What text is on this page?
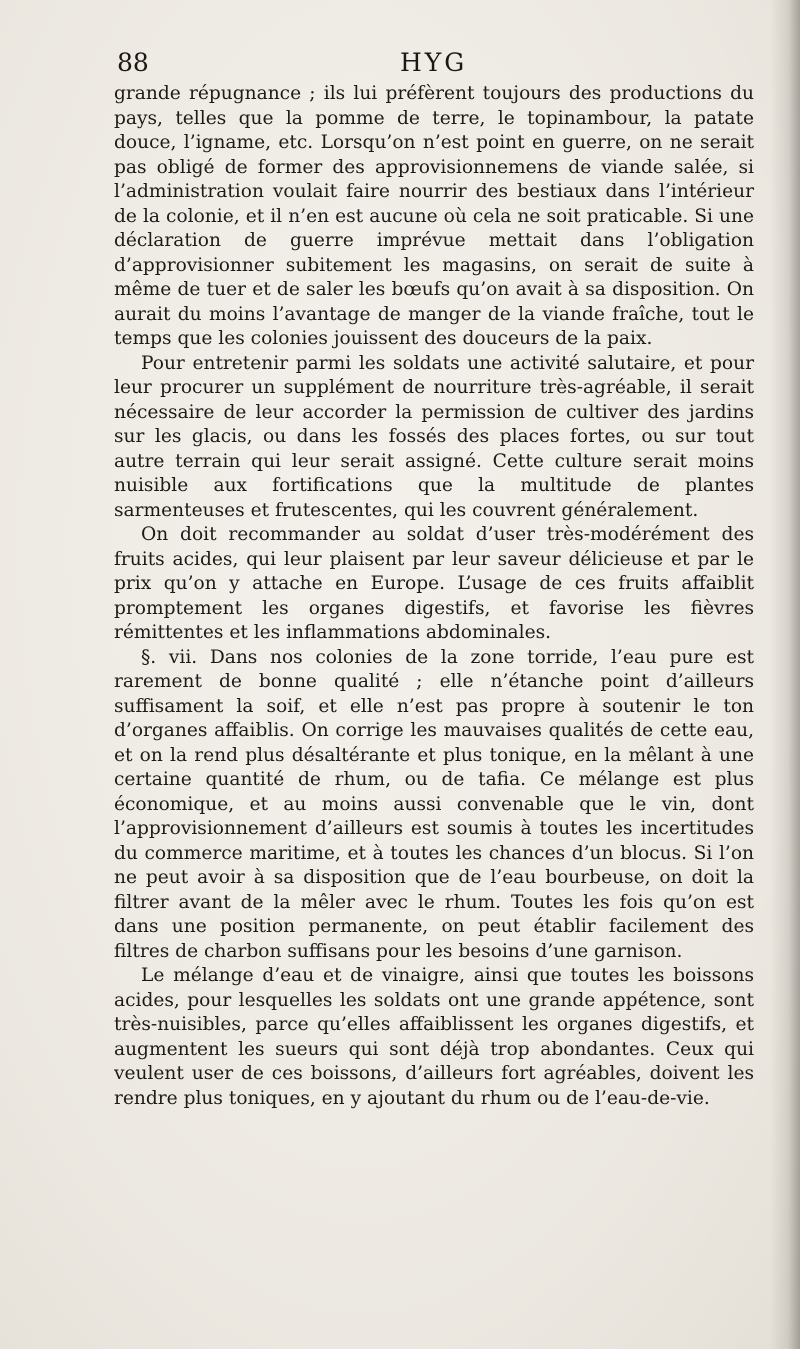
88	HYG

grande répugnance ; ils lui préfèrent toujours des productions du pays, telles que la pomme de terre, le topinambour, la patate douce, l’igname, etc. Lorsqu’on n’est point en guerre, on ne serait pas obligé de former des approvisionnemens de viande salée, si l’administration voulait faire nourrir des bestiaux dans l’intérieur de la colonie, et il n’en est aucune où cela ne soit praticable. Si une déclaration de guerre imprévue mettait dans l’obligation d’approvisionner subitement les magasins, on serait de suite à même de tuer et de saler les bœufs qu’on avait à sa disposition. On aurait du moins l’avantage de manger de la viande fraîche, tout le temps que les colonies jouissent des douceurs de la paix.

Pour entretenir parmi les soldats une activité salutaire, et pour leur procurer un supplément de nourriture très-agréable, il serait nécessaire de leur accorder la permission de cultiver des jardins sur les glacis, ou dans les fossés des places fortes, ou sur tout autre terrain qui leur serait assigné. Cette culture serait moins nuisible aux fortifications que la multitude de plantes sarmenteuses et frutescentes, qui les couvrent généralement.

On doit recommander au soldat d’user très-modérément des fruits acides, qui leur plaisent par leur saveur délicieuse et par le prix qu’on y attache en Europe. L’usage de ces fruits affaiblit promptement les organes digestifs, et favorise les fièvres rémittentes et les inflammations abdominales.

§. vii. Dans nos colonies de la zone torride, l’eau pure est rarement de bonne qualité ; elle n’étanche point d’ailleurs suffisament la soif, et elle n’est pas propre à soutenir le ton d’organes affaiblis. On corrige les mauvaises qualités de cette eau, et on la rend plus désaltérante et plus tonique, en la mêlant à une certaine quantité de rhum, ou de tafia. Ce mélange est plus économique, et au moins aussi convenable que le vin, dont l’approvisionnement d’ailleurs est soumis à toutes les incertitudes du commerce maritime, et à toutes les chances d’un blocus. Si l’on ne peut avoir à sa disposition que de l’eau bourbeuse, on doit la filtrer avant de la mêler avec le rhum. Toutes les fois qu’on est dans une position permanente, on peut établir facilement des filtres de charbon suffisans pour les besoins d’une garnison.

Le mélange d’eau et de vinaigre, ainsi que toutes les boissons acides, pour lesquelles les soldats ont une grande appétence, sont très-nuisibles, parce qu’elles affaiblissent les organes digestifs, et augmentent les sueurs qui sont déjà trop abondantes. Ceux qui veulent user de ces boissons, d’ailleurs fort agréables, doivent les rendre plus toniques, en y ajoutant du rhum ou de l’eau-de-vie.
